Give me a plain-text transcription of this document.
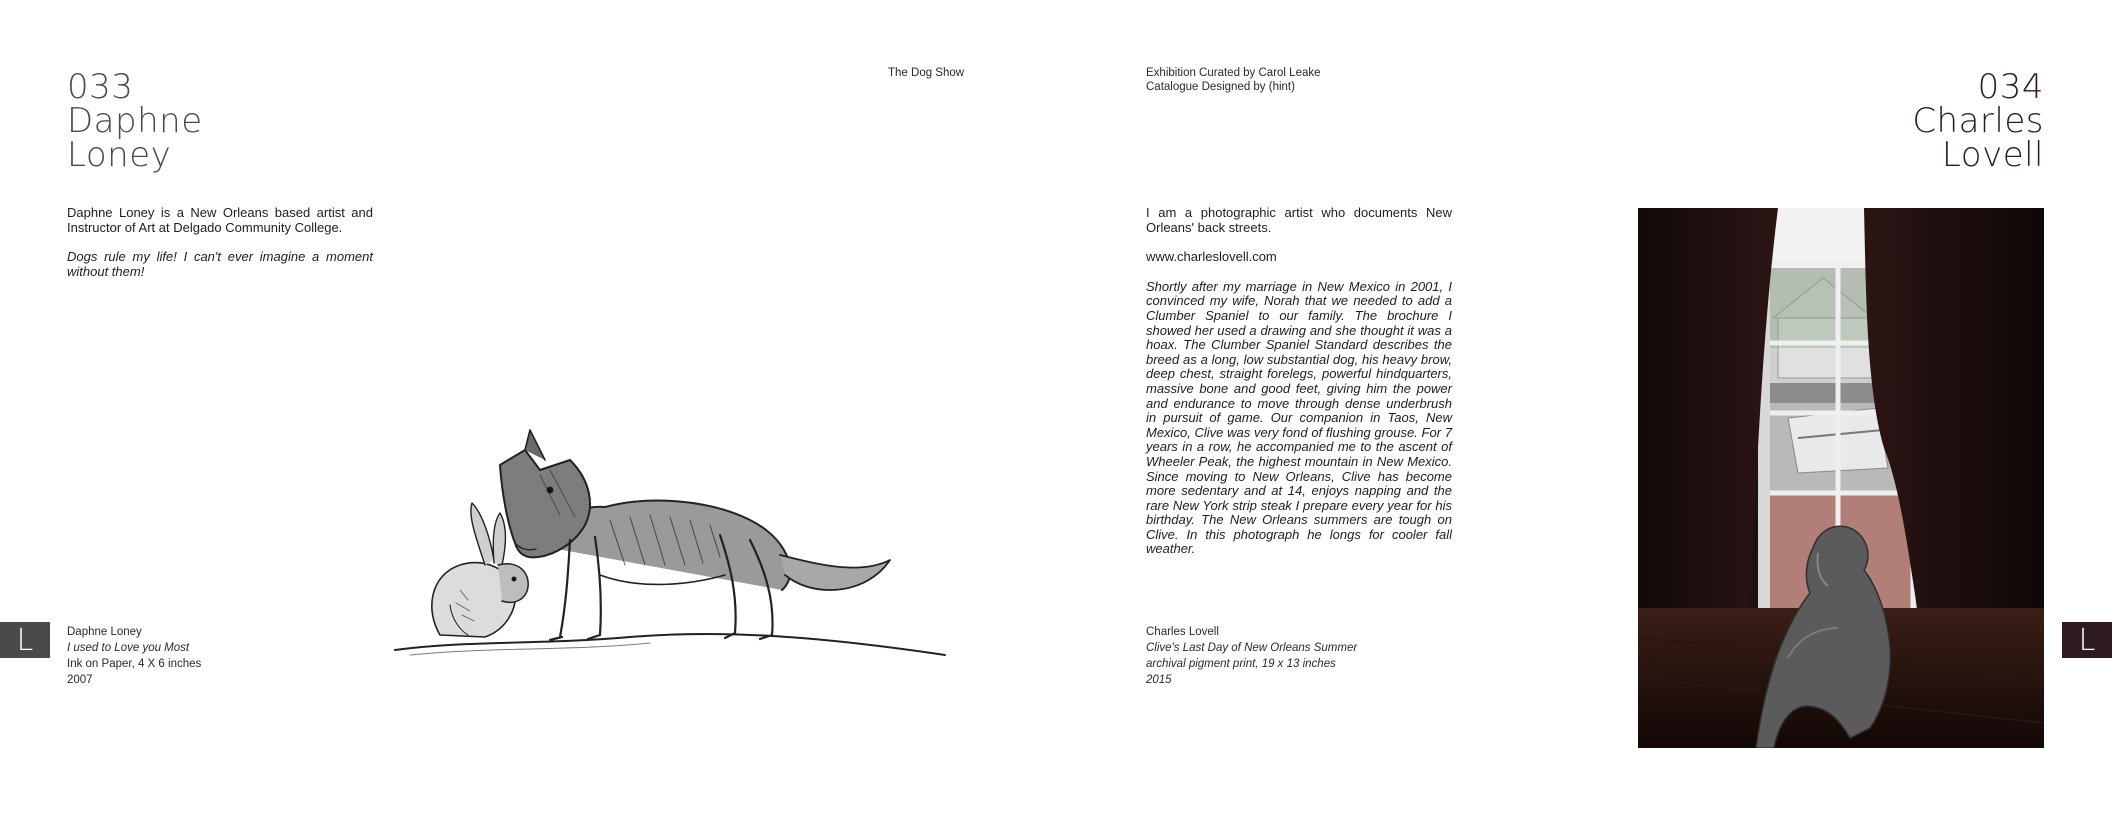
033
Daphne
Loney

Daphne Loney is a New Orleans based artist and Instructor of Art at Delgado Community College.

Dogs rule my life! I can't ever imagine a moment without them!

Daphne Loney
I used to Love you Most
Ink on Paper, 4 X 6 inches
2007
L
The Dog Show	Exhibition Curated by Carol Leake
Catalogue Designed by (hint)

I am a photographic artist who documents New Orleans' back streets.

www.charleslovell.com

Shortly after my marriage in New Mexico in 2001, I convinced my wife, Norah that we needed to add a Clumber Spaniel to our family. The brochure I showed her used a drawing and she thought it was a hoax. The Clumber Spaniel Standard describes the breed as a long, low substantial dog, his heavy brow, deep chest, straight forelegs, powerful hindquarters, massive bone and good feet, giving him the power and endurance to move through dense underbrush in pursuit of game. Our companion in Taos, New Mexico, Clive was very fond of flushing grouse. For 7 years in a row, he accompanied me to the ascent of Wheeler Peak, the highest mountain in New Mexico. Since moving to New Orleans, Clive has become more sedentary and at 14, enjoys napping and the rare New York strip steak I prepare every year for his birthday. The New Orleans summers are tough on Clive. In this photograph he longs for cooler fall weather.

Charles Lovell
Clive's Last Day of New Orleans Summer
archival pigment print, 19 x 13 inches
2015
034
Charles
Lovell
L
